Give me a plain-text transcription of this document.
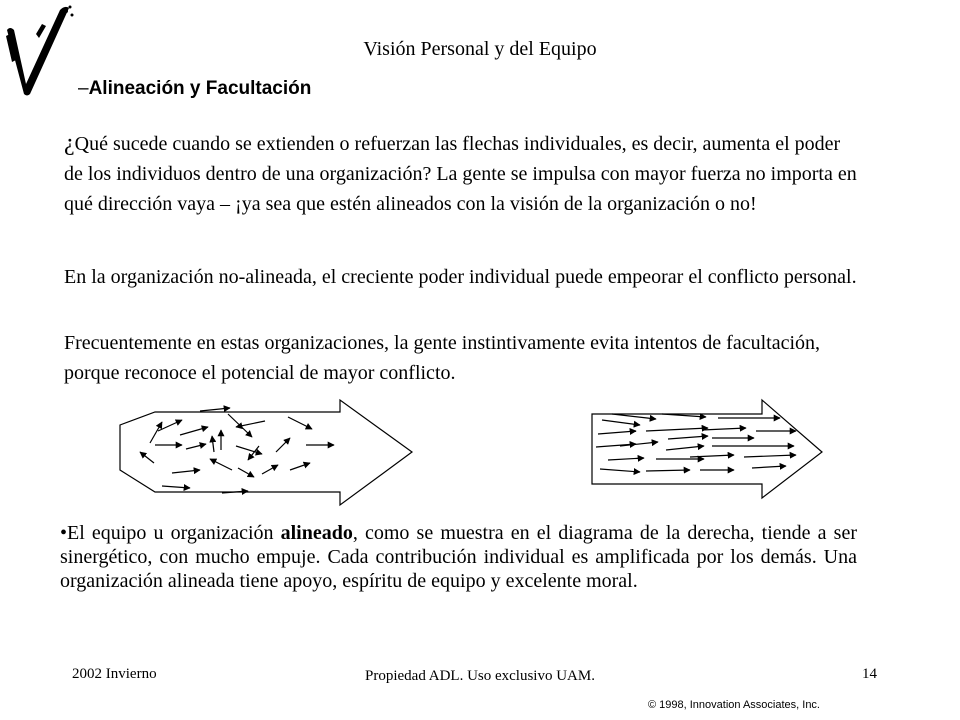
Visión Personal y del Equipo
–Alineación y Facultación
¿Qué sucede cuando se extienden o refuerzan las flechas individuales, es decir, aumenta el poder de los individuos dentro de una organización? La gente se impulsa con mayor fuerza no importa en qué dirección vaya – ¡ya sea que estén alineados con la visión de la organización o no!
En la organización no-alineada, el creciente poder individual puede empeorar el conflicto personal.
Frecuentemente en estas organizaciones, la gente instintivamente evita intentos de facultación, porque reconoce el potencial de mayor conflicto.
•El equipo u organización alineado, como se muestra en el diagrama de la derecha, tiende a ser sinergético, con mucho empuje. Cada contribución individual es amplificada por los demás. Una organización alineada tiene apoyo, espíritu de equipo y excelente moral.
2002 Invierno	Propiedad ADL. Uso exclusivo UAM.	14
© 1998, Innovation Associates, Inc.
